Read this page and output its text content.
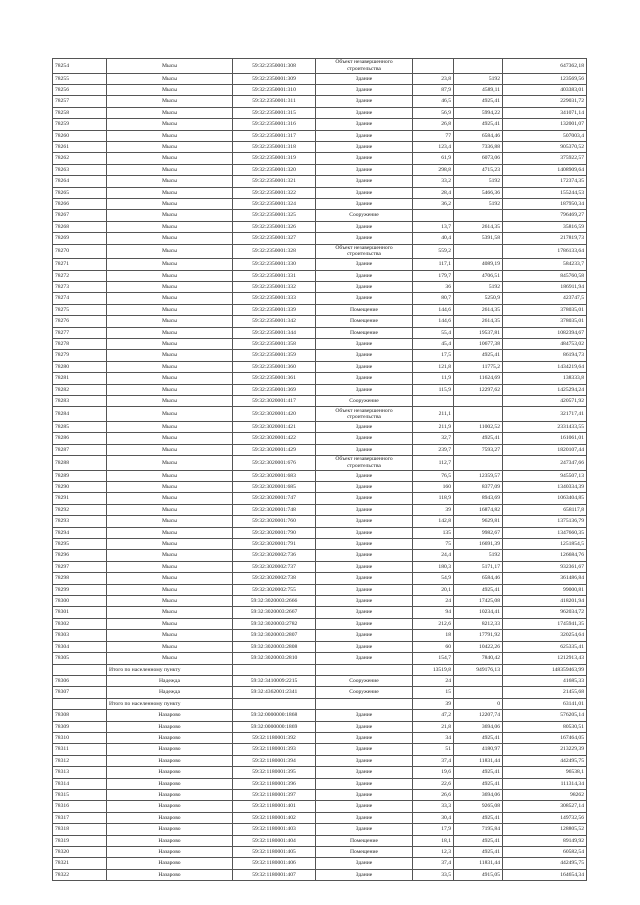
78254	Мысы	59:32:2350001:308	Объект незавершенного строительства			647362,18
78255	Мысы	59:32:2350001:309	Здание	23,8	5192	123569,56
78256	Мысы	59:32:2350001:310	Здание	87,9	4589,11	403383,01
78257	Мысы	59:32:2350001:311	Здание	46,5	4925,41	229031,72
78258	Мысы	59:32:2350001:315	Здание	56,9	5994,22	341071,14
78259	Мысы	59:32:2350001:316	Здание	26,8	4925,41	132001,07
78260	Мысы	59:32:2350001:317	Здание	77	6584,46	507003,4
78261	Мысы	59:32:2350001:318	Здание	123,4	7336,88	905370,52
78262	Мысы	59:32:2350001:319	Здание	61,9	6073,06	375922,57
78263	Мысы	59:32:2350001:320	Здание	298,8	4715,23	1408909,64
78264	Мысы	59:32:2350001:321	Здание	33,2	5192	172374,35
78265	Мысы	59:32:2350001:322	Здание	28,4	5466,36	155244,53
78266	Мысы	59:32:2350001:324	Здание	36,2	5192	187950,34
78267	Мысы	59:32:2350001:325	Сооружение			796469,27
78268	Мысы	59:32:2350001:326	Здание	13,7	2614,35	35816,59
78269	Мысы	59:32:2350001:327	Здание	40,4	5391,58	217819,73
78270	Мысы	59:32:2350001:328	Объект незавершенного строительства	559,2		1786133,64
78271	Мысы	59:32:2350001:330	Здание	117,1	4089,19	584233,7
78272	Мысы	59:32:2350001:331	Здание	179,7	4706,51	845760,58
78273	Мысы	59:32:2350001:332	Здание	36	5192	186911,94
78274	Мысы	59:32:2350001:333	Здание	80,7	5250,9	423747,5
78275	Мысы	59:32:2350001:339	Помещение	144,6	2614,35	378035,01
78276	Мысы	59:32:2350001:342	Помещение	144,6	2614,35	378035,01
78277	Мысы	59:32:2350001:344	Помещение	55,4	19537,81	1082394,67
78278	Мысы	59:32:2350001:358	Здание	45,4	10677,38	484753,02
78279	Мысы	59:32:2350001:359	Здание	17,5	4925,41	86194,73
78280	Мысы	59:32:2350001:360	Здание	121,8	11775,2	1434219,64
78281	Мысы	59:32:2350001:361	Здание	11,9	11624,69	138333,8
78282	Мысы	59:32:2350001:369	Здание	115,9	12297,62	1425294,24
78283	Мысы	59:32:3020001:417	Сооружение			420571,92
78284	Мысы	59:32:3020001:420	Объект незавершенного строительства	211,1		321717,41
78285	Мысы	59:32:3020001:421	Здание	211,9	11002,52	2331433,55
78286	Мысы	59:32:3020001:422	Здание	32,7	4925,41	161061,01
78287	Мысы	59:32:3020001:429	Здание	239,7	7593,27	1820107,44
78288	Мысы	59:32:3020001:676	Объект незавершенного строительства	112,7		247347,66
78289	Мысы	59:32:3020001:683	Здание	76,5	12359,57	945507,13
78290	Мысы	59:32:3020001:685	Здание	160	8377,09	1340334,39
78291	Мысы	59:32:3020001:747	Здание	118,9	8943,69	1063404,85
78292	Мысы	59:32:3020001:748	Здание	39	16874,82	658117,8
78293	Мысы	59:32:3020001:760	Здание	142,8	9629,81	1375136,79
78294	Мысы	59:32:3020001:790	Здание	135	9982,67	1347660,35
78295	Мысы	59:32:3020001:791	Здание	75	16691,39	1251854,5
78296	Мысы	59:32:3020002:736	Здание	24,4	5192	126684,76
78297	Мысы	59:32:3020002:737	Здание	180,3	5171,17	932361,67
78298	Мысы	59:32:3020002:738	Здание	54,9	6584,46	361486,84
78299	Мысы	59:32:3020002:755	Здание	20,1	4925,41	99000,81
78300	Мысы	59:32:3020003:2666	Здание	24	17425,08	418201,94
78301	Мысы	59:32:3020003:2667	Здание	94	10234,41	962034,72
78302	Мысы	59:32:3020003:2782	Здание	212,6	8212,33	1745941,35
78303	Мысы	59:32:3020003:2807	Здание	18	17791,92	320254,64
78304	Мысы	59:32:3020003:2808	Здание	60	10422,26	625335,41
78305	Мысы	59:32:3020003:2810	Здание	154,7	7840,42	1212913,43
	Итого по населенному пункту			13519,8	949176,13	148359463,99
78306	Надежда	59:32:3410009:2215	Сооружение	24		41685,33
78307	Надежда	59:32:4362001:2341	Сооружение	15		21455,68
	Итого по населенному пункту			39	0	63141,01
78308	Назарово	59:32:0000000:1868	Здание	47,2	12207,74	576205,14
78309	Назарово	59:32:0000000:1869	Здание	21,8	3694,06	80530,51
78310	Назарово	59:32:1180001:392	Здание	34	4925,41	167464,05
78311	Назарово	59:32:1180001:393	Здание	51	4180,97	213229,39
78312	Назарово	59:32:1180001:394	Здание	37,4	11831,44	442495,75
78313	Назарово	59:32:1180001:395	Здание	19,6	4925,41	96538,1
78314	Назарово	59:32:1180001:396	Здание	22,6	4925,41	111314,34
78315	Назарово	59:32:1180001:397	Здание	26,6	3694,06	98262
78316	Назарово	59:32:1180001:401	Здание	33,3	9265,08	308527,14
78317	Назарово	59:32:1180001:402	Здание	30,4	4925,41	149732,56
78318	Назарово	59:32:1180001:403	Здание	17,9	7195,84	128805,52
78319	Назарово	59:32:1180001:404	Помещение	18,1	4925,41	89149,92
78320	Назарово	59:32:1180001:405	Помещение	12,3	4925,41	60582,54
78321	Назарово	59:32:1180001:406	Здание	37,4	11831,44	442495,75
78322	Назарово	59:32:1180001:407	Здание	33,5	4915,05	164654,34
